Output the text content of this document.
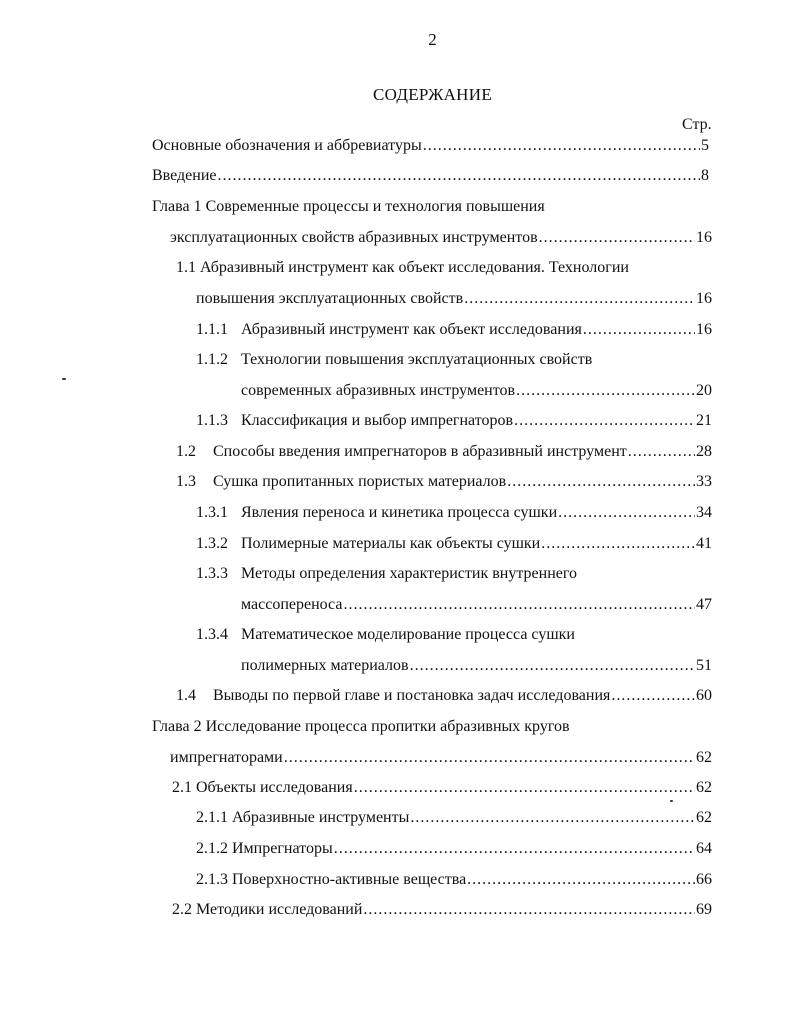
2
СОДЕРЖАНИЕ
Стр.
Основные обозначения и аббревиатуры .....	5
Введение .....	8
Глава 1 Современные процессы и технология повышения
эксплуатационных свойств абразивных инструментов .....	16
1.1 Абразивный инструмент как объект исследования. Технологии
повышения эксплуатационных свойств .....	16
1.1.1 Абразивный инструмент как объект исследования .....	16
1.1.2 Технологии повышения эксплуатационных свойств
современных абразивных инструментов .....	20
1.1.3 Классификация и выбор импрегнаторов .....	21
1.2	Способы введения импрегнаторов в абразивный инструмент .....	28
1.3	Сушка пропитанных пористых материалов .....	33
1.3.1 Явления переноса и кинетика процесса сушки .....	34
1.3.2 Полимерные материалы как объекты сушки .....	41
1.3.3 Методы определения характеристик внутреннего
массопереноса .....	47
1.3.4 Математическое моделирование процесса сушки
полимерных материалов .....	51
1.4	Выводы по первой главе и постановка задач исследования .....	60
Глава 2 Исследование процесса пропитки абразивных кругов
импрегнаторами .....	62
2.1 Объекты исследования .....	62
2.1.1 Абразивные инструменты .....	62
2.1.2 Импрегнаторы .....	64
2.1.3 Поверхностно-активные вещества .....	66
2.2 Методики исследований .....	69
